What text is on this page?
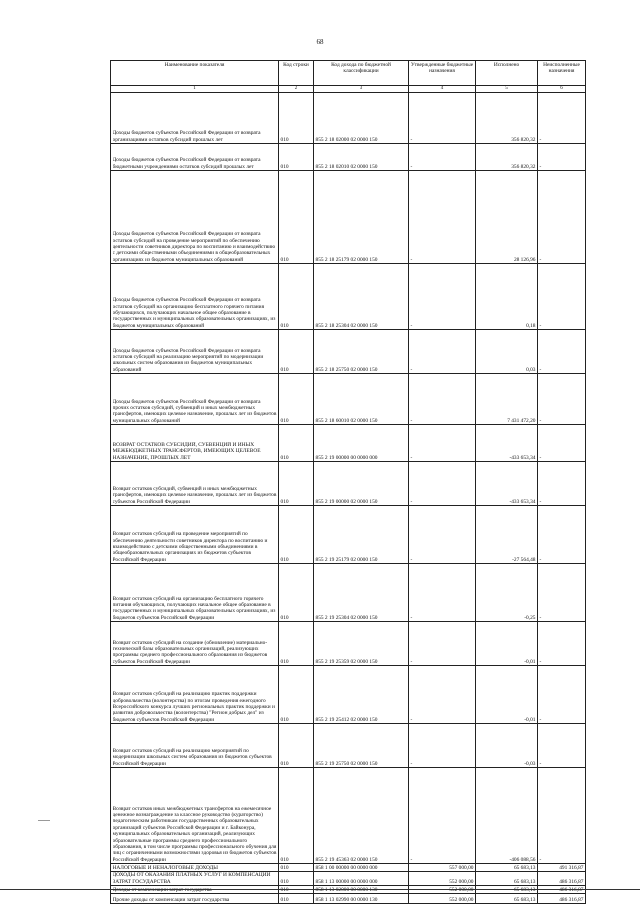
68
Наименование показателя	Код строки	Код дохода по бюджетной классификации	Утвержденные бюджетные назначения	Исполнено	Неисполненные назначения
1	2	3	4	5	6

Доходы бюджетов субъектов Российской Федерации от возврата организациями остатков субсидий прошлых лет	010	855 2 18 02000 02 0000 150	-	356 820,32	-

Доходы бюджетов субъектов Российской Федерации от возврата бюджетными учреждениями остатков субсидий прошлых лет	010	855 2 18 02010 02 0000 150	-	356 820,32	-

Доходы бюджетов субъектов Российской Федерации от возврата остатков субсидий на проведение мероприятий по обеспечению деятельности советников директора по воспитанию и взаимодействию с детскими общественными объединениями в общеобразовательных организациях из бюджетов муниципальных образований	010	855 2 18 25179 02 0000 150	-	28 126,96	-

Доходы бюджетов субъектов Российской Федерации от возврата остатков субсидий на организацию бесплатного горячего питания обучающихся, получающих начальное общее образование в государственных и муниципальных образовательных организациях, из бюджетов муниципальных образований	010	855 2 18 25304 02 0000 150	-	0,18	-

Доходы бюджетов субъектов Российской Федерации от возврата остатков субсидий на реализацию мероприятий по модернизации школьных систем образования из бюджетов муниципальных образований	010	855 2 18 25750 02 0000 150	-	0,03	-

Доходы бюджетов субъектов Российской Федерации от возврата прочих остатков субсидий, субвенций и иных межбюджетных трансфертов, имеющих целевое назначение, прошлых лет из бюджетов муниципальных образований	010	855 2 18 60010 02 0000 150	-	7 431 472,20	-

ВОЗВРАТ ОСТАТКОВ СУБСИДИЙ, СУБВЕНЦИЙ И ИНЫХ МЕЖБЮДЖЕТНЫХ ТРАНСФЕРТОВ, ИМЕЮЩИХ ЦЕЛЕВОЕ НАЗНАЧЕНИЕ, ПРОШЛЫХ ЛЕТ	010	855 2 19 00000 00 0000 000	-	-433 653,34	-

Возврат остатков субсидий, субвенций и иных межбюджетных трансфертов, имеющих целевое назначение, прошлых лет из бюджетов субъектов Российской Федерации	010	855 2 19 00000 02 0000 150	-	-433 653,34	-

Возврат остатков субсидий на проведение мероприятий по обеспечению деятельности советников директора по воспитанию и взаимодействию с детскими общественными объединениями в общеобразовательных организациях из бюджетов субъектов Российской Федерации	010	855 2 19 25179 02 0000 150	-	-27 564,48	-

Возврат остатков субсидий на организацию бесплатного горячего питания обучающихся, получающих начальное общее образование в государственных и муниципальных образовательных организациях, из бюджетов субъектов Российской Федерации	010	855 2 19 25304 02 0000 150	-	-0,25	-

Возврат остатков субсидий на создание (обновление) материально-технической базы образовательных организаций, реализующих программы среднего профессионального образования из бюджетов субъектов Российской Федерации	010	855 2 19 25359 02 0000 150	-	-0,01	-

Возврат остатков субсидий на реализацию практик поддержки добровольчества (волонтерства) по итогам проведения ежегодного Всероссийского конкурса лучших региональных практик поддержки и развития добровольчества (волонтерства) "Регион добрых дел" из бюджетов субъектов Российской Федерации	010	855 2 19 25412 02 0000 150	-	-0,01	-

Возврат остатков субсидий на реализацию мероприятий по модернизации школьных систем образования из бюджетов субъектов Российской Федерации	010	855 2 19 25750 02 0000 150	-	-0,03	-

Возврат остатков иных межбюджетных трансфертов на ежемесячное денежное вознаграждение за классное руководство (кураторство) педагогическим работникам государственных образовательных организаций субъектов Российской Федерации и г. Байконура, муниципальных образовательных организаций, реализующих образовательные программы среднего профессионального образования, в том числе программы профессионального обучения для лиц с ограниченными возможностями здоровья из бюджетов субъектов Российской Федерации	010	855 2 19 45363 02 0000 150	-	-406 088,56	-

НАЛОГОВЫЕ И НЕНАЛОГОВЫЕ ДОХОДЫ	010	858 1 00 00000 00 0000 000	557 000,00	65 683,13	491 316,87

ДОХОДЫ ОТ ОКАЗАНИЯ ПЛАТНЫХ УСЛУГ И КОМПЕНСАЦИИ ЗАТРАТ ГОСУДАРСТВА	010	858 1 13 00000 00 0000 000	552 000,00	65 683,13	486 316,87

Доходы от компенсации затрат государства	010	858 1 13 02000 00 0000 130	552 000,00	65 683,13	486 316,87

Прочие доходы от компенсации затрат государства	010	858 1 13 02990 00 0000 130	552 000,00	65 683,13	486 316,87
